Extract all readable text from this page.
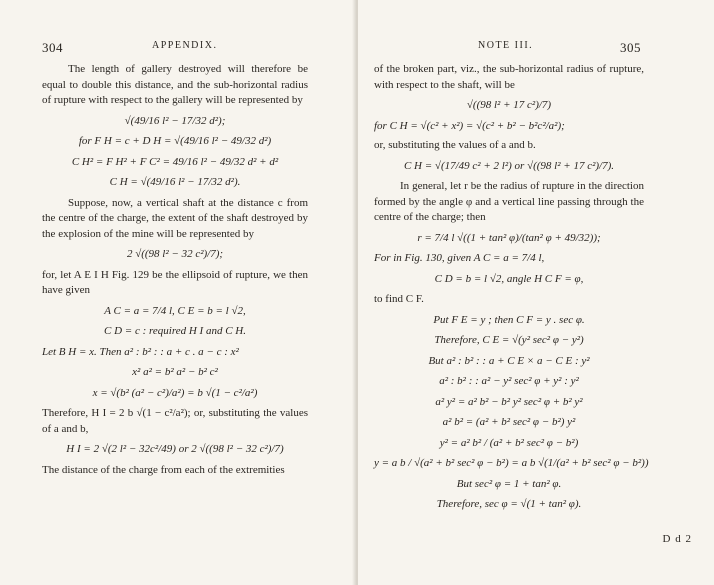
304	APPENDIX.

The length of gallery destroyed will therefore be equal to double this distance, and the sub-horizontal radius of rupture with respect to the gallery will be represented by

√(49/16 l² − 17/32 d²);
for F H = c + D H = √(49/16 l² − 49/32 d²)
C H² = F H² + F C² = 49/16 l² − 49/32 d² + d²
C H = √(49/16 l² − 17/32 d²).

Suppose, now, a vertical shaft at the distance c from the centre of the charge, the extent of the shaft destroyed by the explosion of the mine will be represented by

2 √((98 l² − 32 c²)/7);

for, let A E I H Fig. 129 be the ellipsoid of rupture, we then have given

A C = a = 7/4 l, C E = b = l √2,
C D = c : required H I and C H.
Let B H = x. Then a² : b² : : a + c . a − c : x²
x² a² = b² a² − b² c²
x = √(b² (a² − c²)/a²) = b √(1 − c²/a²)

Therefore, H I = 2 b √(1 − c²/a²); or, substituting the values of a and b,

H I = 2 √(2 l² − 32c²/49) or 2 √((98 l² − 32 c²)/7)

The distance of the charge from each of the extremities

NOTE III.	305

of the broken part, viz., the sub-horizontal radius of rupture, with respect to the shaft, will be

√((98 l² + 17 c²)/7)
for C H = √(c² + x²) = √(c² + b² − b²c²/a²);

or, substituting the values of a and b.

C H = √(17/49 c² + 2 l²) or √((98 l² + 17 c²)/7).

In general, let r be the radius of rupture in the direction formed by the angle φ and a vertical line passing through the centre of the charge; then

r = 7/4 l √((1 + tan² φ)/(tan² φ + 49/32));
For in Fig. 130, given A C = a = 7/4 l,
C D = b = l √2, angle H C F = φ,

to find C F.

Put F E = y ; then C F = y . sec φ.
Therefore, C E = √(y² sec² φ − y²)
But a² : b² : : a + C E × a − C E : y²
a² : b² : : a² − y² sec² φ + y² : y²
a² y² = a² b² − b² y² sec² φ + b² y²
a² b² = (a² + b² sec² φ − b²) y²
y² = a² b² / (a² + b² sec² φ − b²)
y = a b / √(a² + b² sec² φ − b²) = a b √(1/(a² + b² sec² φ − b²))
But sec² φ = 1 + tan² φ.
Therefore, sec φ = √(1 + tan² φ).
D d 2
